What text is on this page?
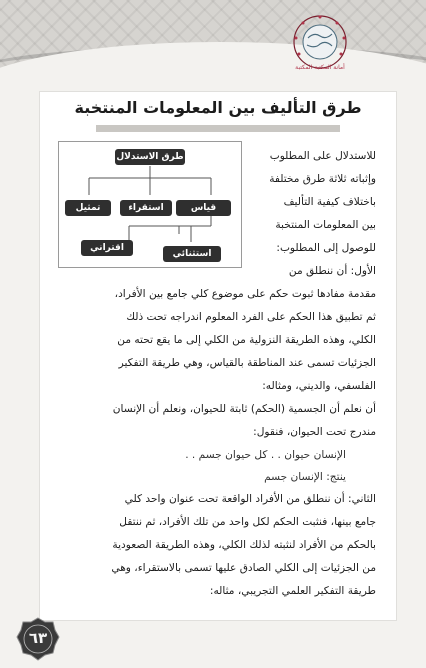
أمانة المكتبة المكتبة
طرق التأليف بين المعلومات المنتخبة
طرق الاستدلال
قياس
استقراء
تمثيل
استثنائي
اقتراني
للاستدلال على المطلوب
وإثباته ثلاثة طرق مختلفة
باختلاف كيفية التأليف
بين المعلومات المنتخبة
للوصول إلى المطلوب:
الأول: أن ننطلق من
مقدمة مفادها ثبوت حكم على موضوع كلي جامع بين الأفراد،
ثم تطبيق هذا الحكم على الفرد المعلوم اندراجه تحت ذلك
الكلي، وهذه الطريقة النزولية من الكلي إلى ما يقع تحته من
الجزئيات تسمى عند المناطقة بالقياس، وهي طريقة التفكير
الفلسفي، والديني، ومثاله:
أن نعلم أن الجسمية (الحكم) ثابتة للحيوان، ونعلم أن الإنسان
مندرج تحت الحيوان، فنقول:
الإنسان حيوان . . كل حيوان جسم . .
ينتج: الإنسان جسم
الثاني: أن ننطلق من الأفراد الواقعة تحت عنوان واحد كلي
جامع بينها، فنثبت الحكم لكل واحد من تلك الأفراد، ثم ننتقل
بالحكم من الأفراد لنثبته لذلك الكلي، وهذه الطريقة الصعودية
من الجزئيات إلى الكلي الصادق عليها تسمى بالاستقراء، وهي
طريقة التفكير العلمي التجريبي، مثاله:
٦٣
